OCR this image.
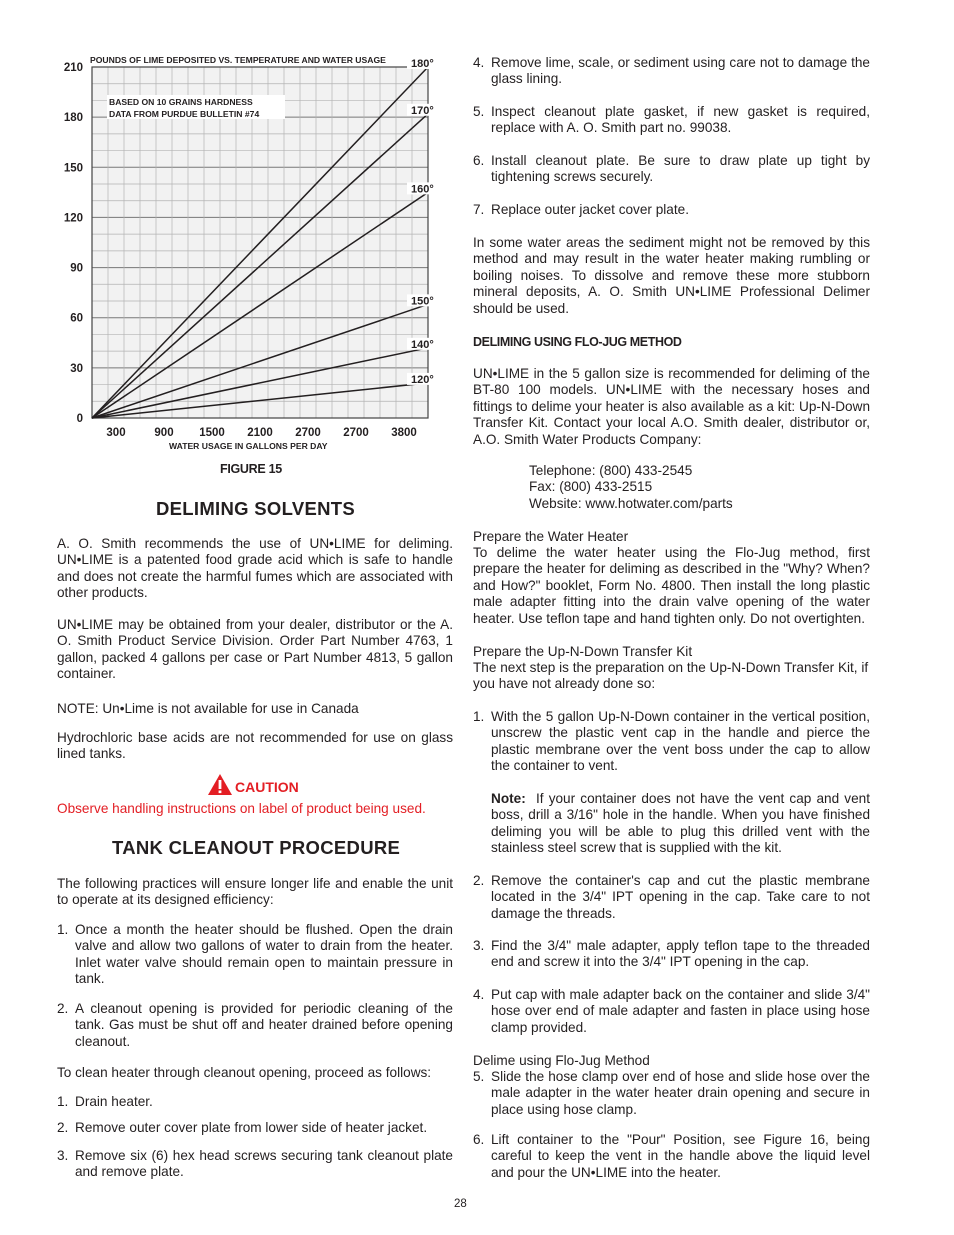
180°
170°
160°
150°
140°
120°
0
30
60
90
120
150
180
210
300	900 1500 2100 2700 2700 3800
POUNDS OF LIME DEPOSITED VS. TEMPERATURE AND WATER USAGE
WATER USAGE IN GALLONS PER DAY
BASED ON 10 GRAINS HARDNESS
DATA FROM PURDUE BULLETIN #74
FIGURE 15
DELIMING SOLVENTS

A. O. Smith recommends the use of UN•LIME for deliming. UN•LIME is a patented food grade acid which is safe to handle and does not create the harmful fumes which are associated with other products.

UN•LIME may be obtained from your dealer, distributor or the A. O. Smith Product Service Division. Order Part Number 4763, 1 gallon, packed 4 gallons per case or Part Number 4813, 5 gallon container.

NOTE: Un•Lime is not available for use in Canada

Hydrochloric base acids are not recommended for use on glass lined tanks.

CAUTION

Observe handling instructions on label of product being used.

TANK CLEANOUT PROCEDURE

The following practices will ensure longer life and enable the unit to operate at its designed efficiency:

1. Once a month the heater should be flushed. Open the drain valve and allow two gallons of water to drain from the heater. Inlet water valve should remain open to maintain pressure in tank.
2. A cleanout opening is provided for periodic cleaning of the tank. Gas must be shut off and heater drained before opening cleanout.

To clean heater through cleanout opening, proceed as follows:

1. Drain heater.
2. Remove outer cover plate from lower side of heater jacket.
3. Remove six (6) hex head screws securing tank cleanout plate and remove plate.
4. Remove lime, scale, or sediment using care not to damage the glass lining.
5. Inspect cleanout plate gasket, if new gasket is required, replace with A. O. Smith part no. 99038.
6. Install cleanout plate. Be sure to draw plate up tight by tightening screws securely.
7. Replace outer jacket cover plate.

In some water areas the sediment might not be removed by this method and may result in the water heater making rumbling or boiling noises. To dissolve and remove these more stubborn mineral deposits, A. O. Smith UN•LIME Professional Delimer should be used.

DELIMING USING FLO-JUG METHOD

UN•LIME in the 5 gallon size is recommended for deliming of the BT-80 100 models. UN•LIME with the necessary hoses and fittings to delime your heater is also available as a kit: Up-N-Down Transfer Kit. Contact your local A.O. Smith dealer, distributor or, A.O. Smith Water Products Company:

Telephone: (800) 433-2545
Fax: (800) 433-2515
Website: www.hotwater.com/parts
Prepare the Water Heater

To delime the water heater using the Flo-Jug method, first prepare the heater for deliming as described in the "Why? When? and How?" booklet, Form No. 4800. Then install the long plastic male adapter fitting into the drain valve opening of the water heater. Use teflon tape and hand tighten only. Do not overtighten.

Prepare the Up-N-Down Transfer Kit

The next step is the preparation on the Up-N-Down Transfer Kit, if you have not already done so:

1. With the 5 gallon Up-N-Down container in the vertical position, unscrew the plastic vent cap in the handle and pierce the plastic membrane over the vent boss under the cap to allow the container to vent.

Note: If your container does not have the vent cap and vent boss, drill a 3/16" hole in the handle. When you have finished deliming you will be able to plug this drilled vent with the stainless steel screw that is supplied with the kit.

2. Remove the container's cap and cut the plastic membrane located in the 3/4" IPT opening in the cap. Take care to not damage the threads.
3. Find the 3/4" male adapter, apply teflon tape to the threaded end and screw it into the 3/4" IPT opening in the cap.
4. Put cap with male adapter back on the container and slide 3/4" hose over end of male adapter and fasten in place using hose clamp provided.
Delime using Flo-Jug Method
5. Slide the hose clamp over end of hose and slide hose over the male adapter in the water heater drain opening and secure in place using hose clamp.
6. Lift container to the "Pour" Position, see Figure 16, being careful to keep the vent in the handle above the liquid level and pour the UN•LIME into the heater.
28
